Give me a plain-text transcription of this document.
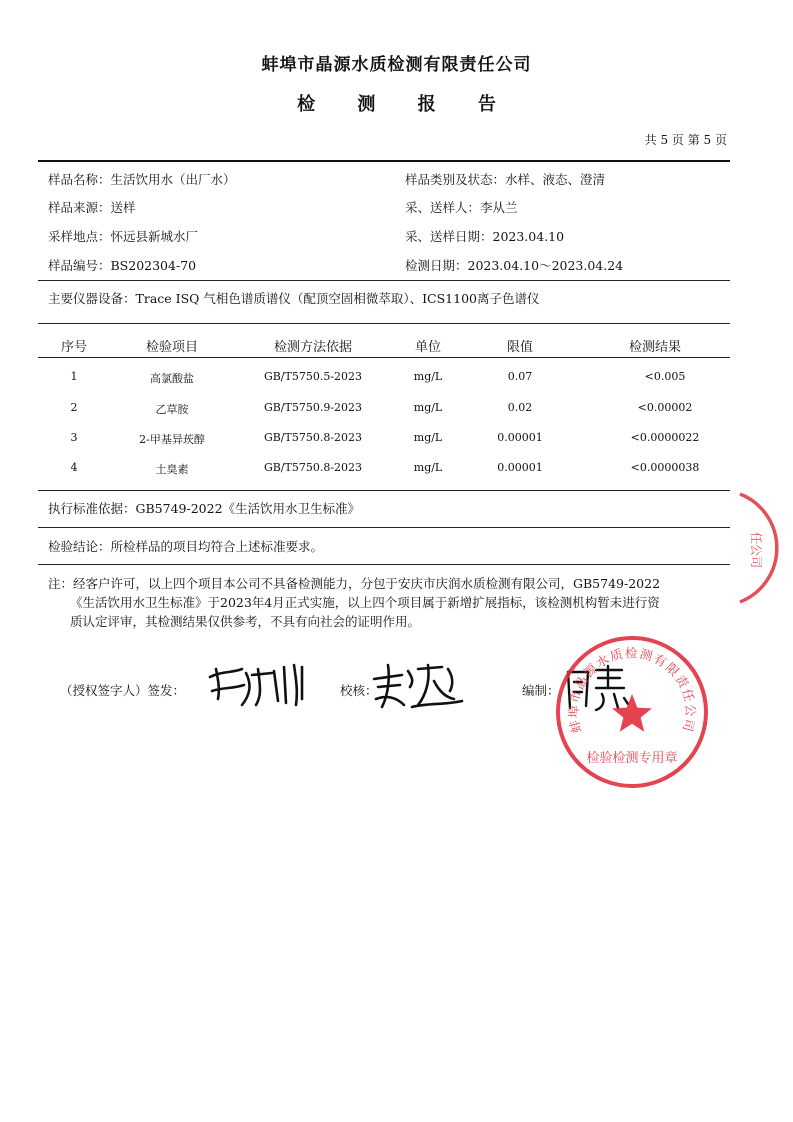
蚌埠市晶源水质检测有限责任公司
检 测 报 告
共 5 页 第 5 页
样品名称：生活饮用水（出厂水）	样品类别及状态：水样、液态、澄清
样品来源：送样	采、送样人：李从兰
采样地点：怀远县新城水厂	采、送样日期：2023.04.10
样品编号：BS202304-70	检测日期：2023.04.10～2023.04.24
主要仪器设备：Trace ISQ 气相色谱质谱仪（配顶空固相微萃取）、ICS1100离子色谱仪
序号	检验项目	检测方法依据	单位	限值	检测结果
1	高氯酸盐	GB/T5750.5-2023	mg/L	0.07	<0.005
2	乙草胺	GB/T5750.9-2023	mg/L	0.02	<0.00002
3	2-甲基异莰醇	GB/T5750.8-2023	mg/L	0.00001	<0.0000022
4	土臭素	GB/T5750.8-2023	mg/L	0.00001	<0.0000038
执行标准依据：GB5749-2022《生活饮用水卫生标准》
检验结论：所检样品的项目均符合上述标准要求。
注：经客户许可，以上四个项目本公司不具备检测能力，分包于安庆市庆润水质检测有限公司，GB5749-2022
《生活饮用水卫生标准》于2023年4月正式实施，以上四个项目属于新增扩展指标，该检测机构暂未进行资
质认定评审，其检测结果仅供参考，不具有向社会的证明作用。
（授权签字人）签发：	校核：	编制：
蚌埠市晶源水质检测有限责任公司
检验检测专用章
任公司
